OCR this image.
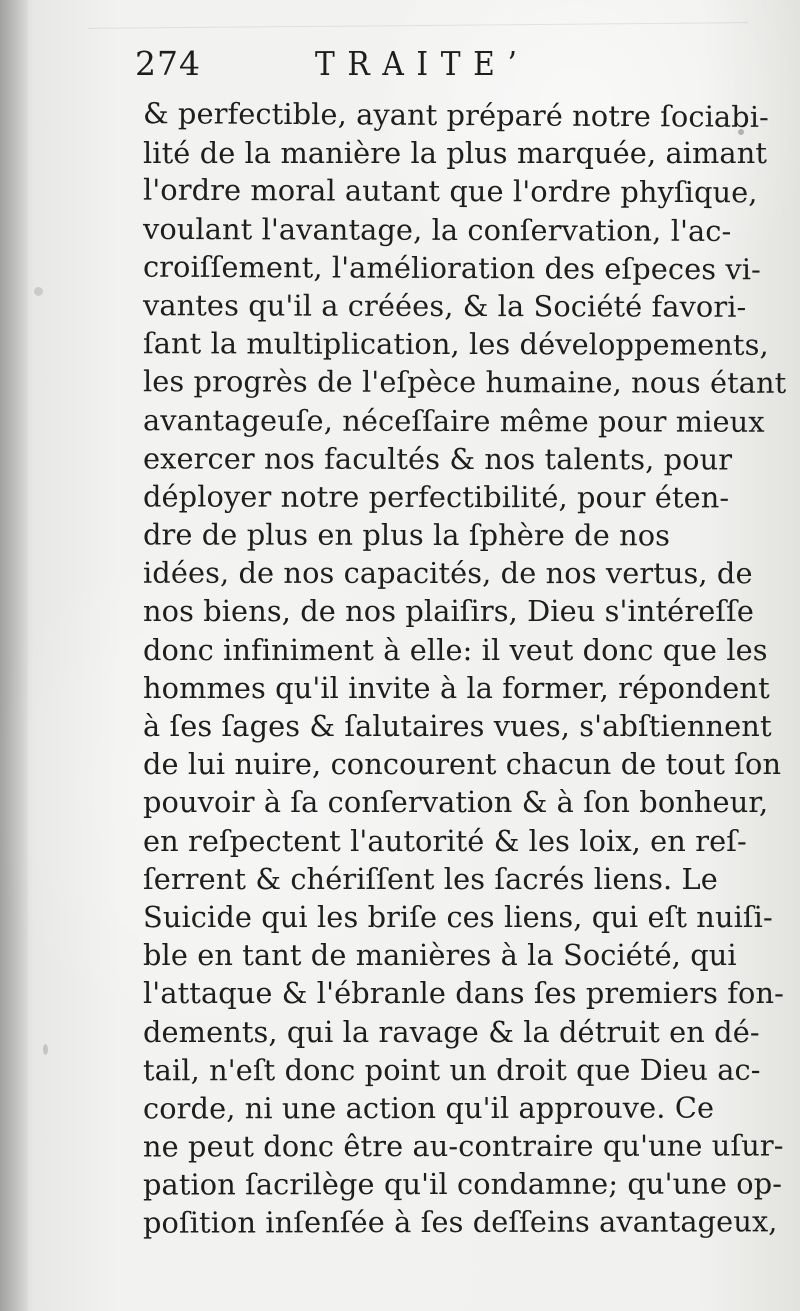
274	TRAITE’
& perfectible, ayant préparé notre ſociabi-
lité de la manière la plus marquée, aimant
l'ordre moral autant que l'ordre phyſique,
voulant l'avantage, la conſervation, l'ac-
croiſſement, l'amélioration des eſpeces vi-
vantes qu'il a créées, & la Société favori-
ſant la multiplication, les développements,
les progrès de l'eſpèce humaine, nous étant
avantageuſe, néceſſaire même pour mieux
exercer nos facultés & nos talents, pour
déployer notre perfectibilité, pour éten-
dre de plus en plus la ſphère de nos
idées, de nos capacités, de nos vertus, de
nos biens, de nos plaiſirs, Dieu s'intéreſſe
donc infiniment à elle: il veut donc que les
hommes qu'il invite à la former, répondent
à ſes ſages & ſalutaires vues, s'abſtiennent
de lui nuire, concourent chacun de tout ſon
pouvoir à ſa conſervation & à ſon bonheur,
en reſpectent l'autorité & les loix, en reſ-
ſerrent & chériſſent les ſacrés liens. Le
Suicide qui les briſe ces liens, qui eſt nuiſi-
ble en tant de manières à la Société, qui
l'attaque & l'ébranle dans ſes premiers fon-
dements, qui la ravage & la détruit en dé-
tail, n'eſt donc point un droit que Dieu ac-
corde, ni une action qu'il approuve. Ce
ne peut donc être au-contraire qu'une uſur-
pation ſacrilège qu'il condamne; qu'une op-
poſition inſenſée à ſes deſſeins avantageux,
